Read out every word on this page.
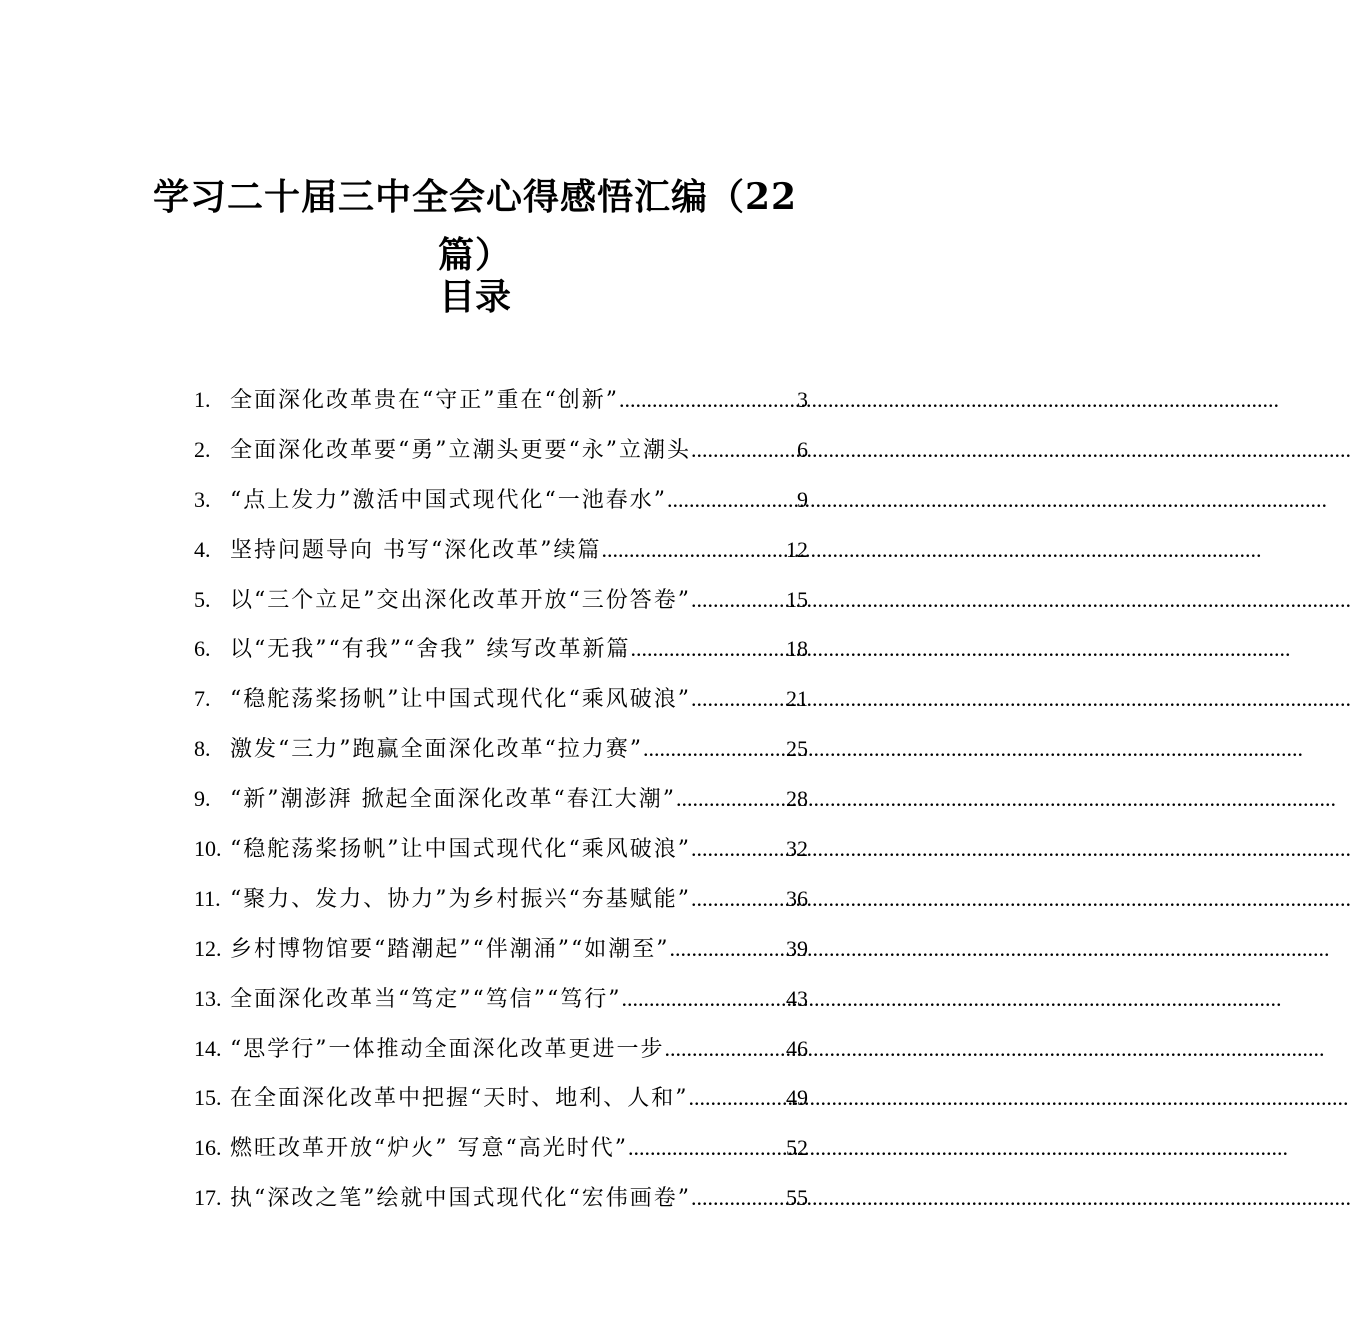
学习二十届三中全会心得感悟汇编（22篇）
目录
1. 全面深化改革贵在“守正”重在“创新” .....	3
2. 全面深化改革要“勇”立潮头更要“永”立潮头 .....	6
3. “点上发力”激活中国式现代化“一池春水” .....	9
4. 坚持问题导向 书写“深化改革”续篇 .....	12
5. 以“三个立足”交出深化改革开放“三份答卷” .....	15
6. 以“无我”“有我”“舍我” 续写改革新篇 .....	18
7. “稳舵荡桨扬帆”让中国式现代化“乘风破浪” .....	21
8. 激发“三力”跑赢全面深化改革“拉力赛” .....	25
9. “新”潮澎湃 掀起全面深化改革“春江大潮” .....	28
10. “稳舵荡桨扬帆”让中国式现代化“乘风破浪” .....	32
11. “聚力、发力、协力”为乡村振兴“夯基赋能” .....	36
12. 乡村博物馆要“踏潮起”“伴潮涌”“如潮至” .....	39
13. 全面深化改革当“笃定”“笃信”“笃行” .....	43
14. “思学行”一体推动全面深化改革更进一步 .....	46
15. 在全面深化改革中把握“天时、地利、人和” .....	49
16. 燃旺改革开放“炉火” 写意“高光时代” .....	52
17. 执“深改之笔”绘就中国式现代化“宏伟画卷” .....	55
